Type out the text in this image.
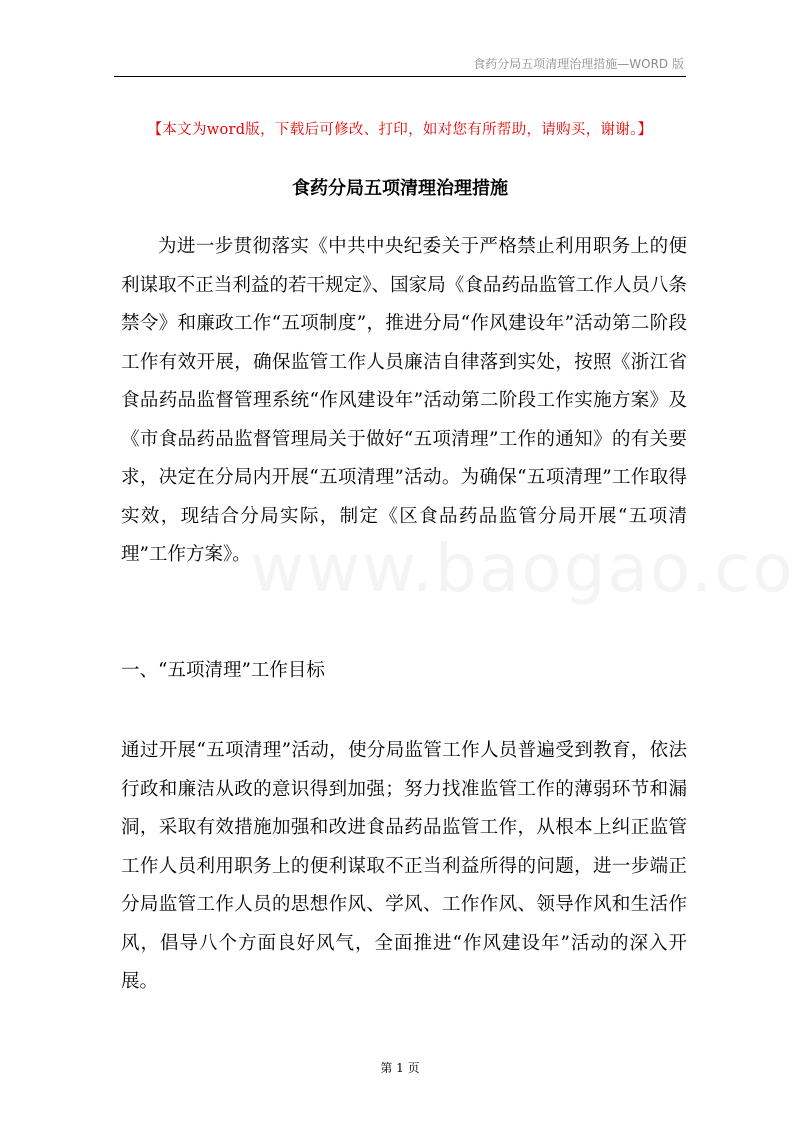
食药分局五项清理治理措施—WORD 版
【本文为word版，下载后可修改、打印，如对您有所帮助，请购买，谢谢。】
食药分局五项清理治理措施

为进一步贯彻落实《中共中央纪委关于严格禁止利用职务上的便利谋取不正当利益的若干规定》、国家局《食品药品监管工作人员八条禁令》和廉政工作“五项制度”，推进分局“作风建设年”活动第二阶段工作有效开展，确保监管工作人员廉洁自律落到实处，按照《浙江省食品药品监督管理系统“作风建设年”活动第二阶段工作实施方案》及《市食品药品监督管理局关于做好“五项清理”工作的通知》的有关要求，决定在分局内开展“五项清理”活动。为确保“五项清理”工作取得实效，现结合分局实际，制定《区食品药品监管分局开展“五项清理”工作方案》。

一、“五项清理”工作目标

通过开展“五项清理”活动，使分局监管工作人员普遍受到教育，依法行政和廉洁从政的意识得到加强；努力找准监管工作的薄弱环节和漏洞，采取有效措施加强和改进食品药品监管工作，从根本上纠正监管工作人员利用职务上的便利谋取不正当利益所得的问题，进一步端正分局监管工作人员的思想作风、学风、工作作风、领导作风和生活作风，倡导八个方面良好风气，全面推进“作风建设年”活动的深入开展。

第 1 页
